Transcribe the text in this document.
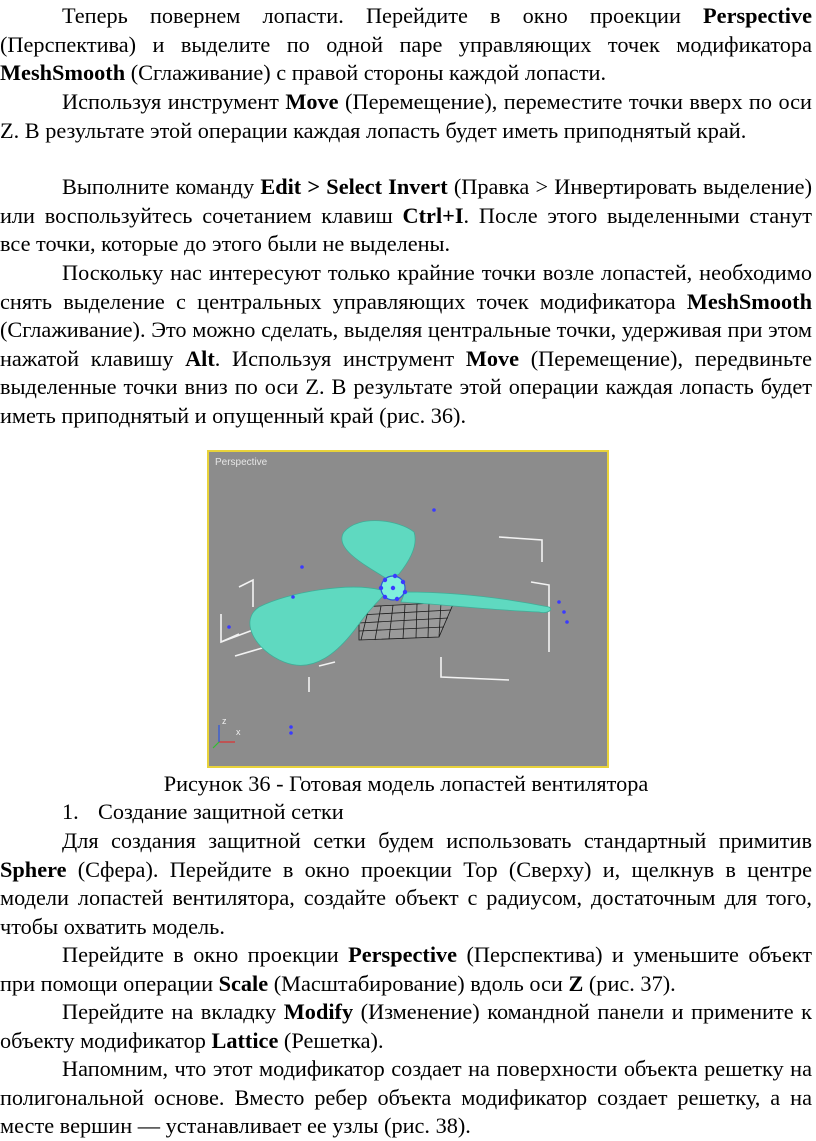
Теперь повернем лопасти. Перейдите в окно проекции Perspective (Перспектива) и выделите по одной паре управляющих точек модификатора MeshSmooth (Сглаживание) с правой стороны каждой лопасти.

Используя инструмент Move (Перемещение), переместите точки вверх по оси Z. В результате этой операции каждая лопасть будет иметь приподнятый край.

Выполните команду Edit > Select Invert (Правка > Инвертировать выделение) или воспользуйтесь сочетанием клавиш Ctrl+I. После этого выделенными станут все точки, которые до этого были не выделены.

Поскольку нас интересуют только крайние точки возле лопастей, необходимо снять выделение с центральных управляющих точек модификатора MeshSmooth (Сглаживание). Это можно сделать, выделяя центральные точки, удерживая при этом нажатой клавишу Alt. Используя инструмент Move (Перемещение), передвиньте выделенные точки вниз по оси Z. В результате этой операции каждая лопасть будет иметь приподнятый и опущенный край (рис. 36).

Perspective
x
z
Рисунок 36 - Готовая модель лопастей вентилятора
1. Создание защитной сетки

Для создания защитной сетки будем использовать стандартный примитив Sphere (Сфера). Перейдите в окно проекции Top (Сверху) и, щелкнув в центре модели лопастей вентилятора, создайте объект с радиусом, достаточным для того, чтобы охватить модель.

Перейдите в окно проекции Perspective (Перспектива) и уменьшите объект при помощи операции Scale (Масштабирование) вдоль оси Z (рис. 37).

Перейдите на вкладку Modify (Изменение) командной панели и примените к объекту модификатор Lattice (Решетка).

Напомним, что этот модификатор создает на поверхности объекта решетку на полигональной основе. Вместо ребер объекта модификатор создает решетку, а на месте вершин — устанавливает ее узлы (рис. 38).
